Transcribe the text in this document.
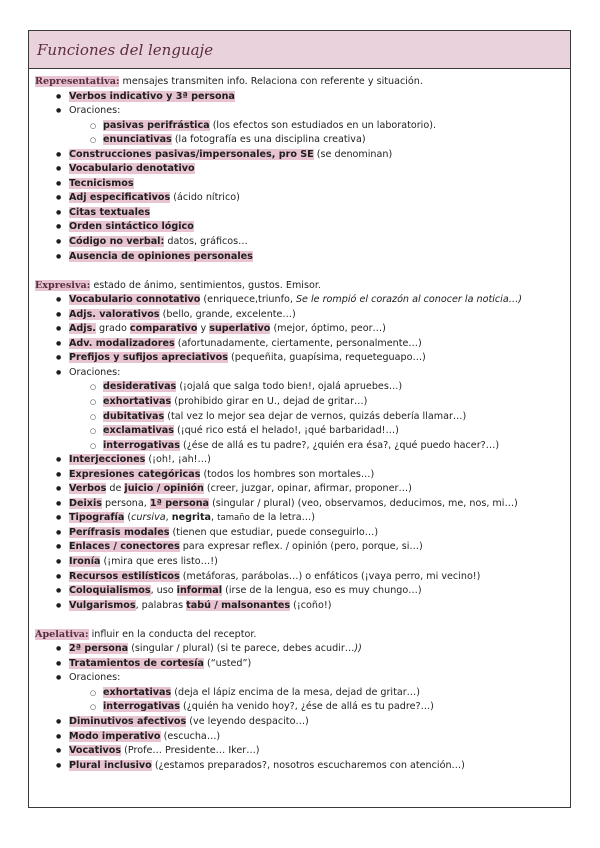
Funciones del lenguaje
Representativa: mensajes transmiten info. Relaciona con referente y situación.
● Verbos indicativo y 3ª persona
● Oraciones:
○ pasivas perifrástica (los efectos son estudiados en un laboratorio).
○ enunciativas (la fotografía es una disciplina creativa)
● Construcciones pasivas/impersonales, pro SE (se denominan)
● Vocabulario denotativo
● Tecnicismos
● Adj especificativos (ácido nítrico)
● Citas textuales
● Orden sintáctico lógico
● Código no verbal: datos, gráficos…
● Ausencia de opiniones personales
Expresiva: estado de ánimo, sentimientos, gustos. Emisor.
● Vocabulario connotativo (enriquece,triunfo, Se le rompió el corazón al conocer la noticia…)
● Adjs. valorativos (bello, grande, excelente…)
● Adjs. grado comparativo y superlativo (mejor, óptimo, peor…)
● Adv. modalizadores (afortunadamente, ciertamente, personalmente…)
● Prefijos y sufijos apreciativos (pequeñita, guapísima, requeteguapo…)
● Oraciones:
○ desiderativas (¡ojalá que salga todo bien!, ojalá apruebes…)
○ exhortativas (prohibido girar en U., dejad de gritar…)
○ dubitativas (tal vez lo mejor sea dejar de vernos, quizás debería llamar…)
○ exclamativas (¡qué rico está el helado!, ¡qué barbaridad!…)
○ interrogativas (¿ése de allá es tu padre?, ¿quién era ésa?, ¿qué puedo hacer?…)
● Interjecciones (¡oh!, ¡ah!…)
● Expresiones categóricas (todos los hombres son mortales…)
● Verbos de juicio / opinión (creer, juzgar, opinar, afirmar, proponer…)
● Deixis persona, 1ª persona (singular / plural) (veo, observamos, deducimos, me, nos, mi…)
● Tipografía (cursiva, negrita, tamaño de la letra…)
● Perífrasis modales (tienen que estudiar, puede conseguirlo…)
● Enlaces / conectores para expresar reflex. / opinión (pero, porque, si…)
● Ironía (¡mira que eres listo…!)
● Recursos estilísticos (metáforas, parábolas…) o enfáticos (¡vaya perro, mi vecino!)
● Coloquialismos, uso informal (irse de la lengua, eso es muy chungo…)
● Vulgarismos, palabras tabú / malsonantes (¡coño!)
Apelativa: influir en la conducta del receptor.
● 2ª persona (singular / plural) (si te parece, debes acudir…))
● Tratamientos de cortesía (“usted”)
● Oraciones:
○ exhortativas (deja el lápiz encima de la mesa, dejad de gritar…)
○ interrogativas (¿quién ha venido hoy?, ¿ése de allá es tu padre?…)
● Diminutivos afectivos (ve leyendo despacito…)
● Modo imperativo (escucha…)
● Vocativos (Profe… Presidente… Iker…)
● Plural inclusivo (¿estamos preparados?, nosotros escucharemos con atención…)
